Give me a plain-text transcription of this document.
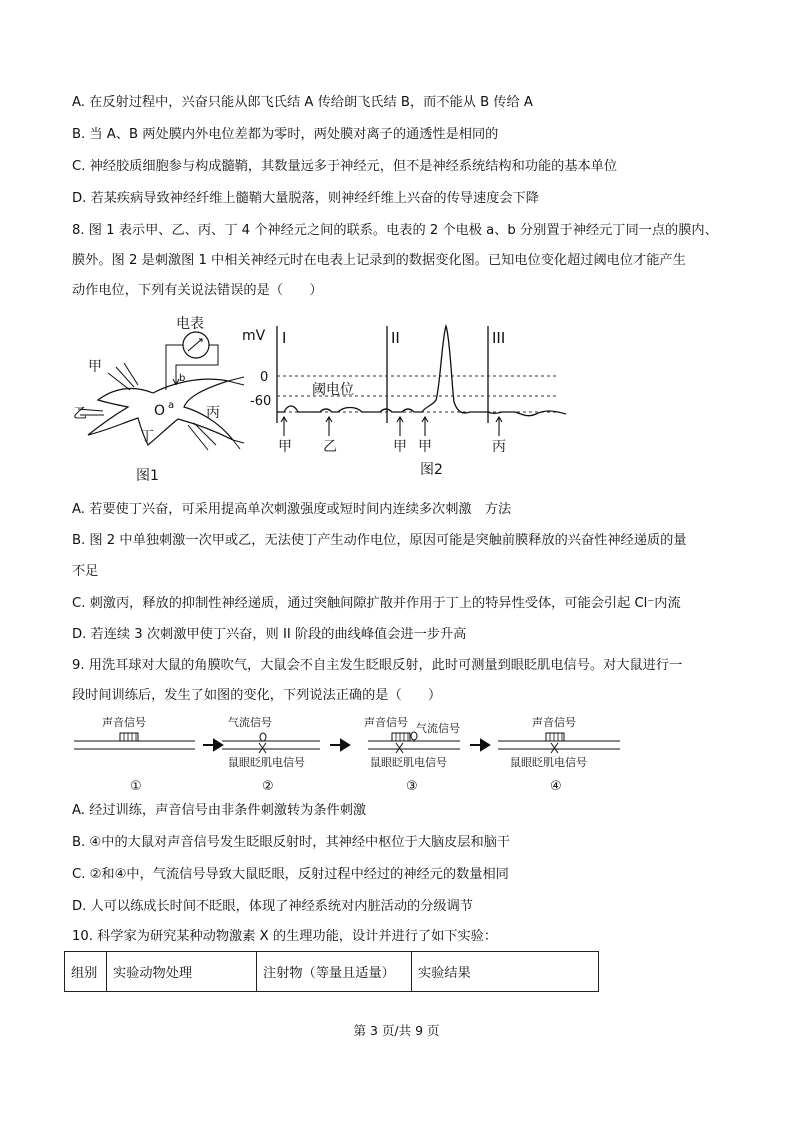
A. 在反射过程中，兴奋只能从郎飞氏结 A 传给朗飞氏结 B，而不能从 B 传给 A
B. 当 A、B 两处膜内外电位差都为零时，两处膜对离子的通透性是相同的
C. 神经胶质细胞参与构成髓鞘，其数量远多于神经元，但不是神经系统结构和功能的基本单位
D. 若某疾病导致神经纤维上髓鞘大量脱落，则神经纤维上兴奋的传导速度会下降
8. 图 1 表示甲、乙、丙、丁 4 个神经元之间的联系。电表的 2 个电极 a、b 分别置于神经元丁同一点的膜内、
膜外。图 2 是刺激图 1 中相关神经元时在电表上记录到的数据变化图。已知电位变化超过阈电位才能产生
动作电位，下列有关说法错误的是（　　）
电表
b
a
O
甲
乙	丙
丁
图1
mV I	II	III
0
-60
阈电位
甲 乙	甲 甲	丙
图2
A. 若要使丁兴奋，可采用提高单次刺激强度或短时间内连续多次刺激　方法
B. 图 2 中单独刺激一次甲或乙，无法使丁产生动作电位，原因可能是突触前膜释放的兴奋性神经递质的量
不足
C. 刺激丙，释放的抑制性神经递质，通过突触间隙扩散并作用于丁上的特异性受体，可能会引起 Cl⁻内流
D. 若连续 3 次刺激甲使丁兴奋，则 II 阶段的曲线峰值会进一步升高
9. 用洗耳球对大鼠的角膜吹气，大鼠会不自主发生眨眼反射，此时可测量到眼眨肌电信号。对大鼠进行一
段时间训练后，发生了如图的变化，下列说法正确的是（　　）
声音信号
①
气流信号
鼠眼眨肌电信号
②
声音信号 气流信号
鼠眼眨肌电信号
③
声音信号
鼠眼眨肌电信号
④
A. 经过训练，声音信号由非条件刺激转为条件刺激
B. ④中的大鼠对声音信号发生眨眼反射时，其神经中枢位于大脑皮层和脑干
C. ②和④中，气流信号导致大鼠眨眼，反射过程中经过的神经元的数量相同
D. 人可以练成长时间不眨眼，体现了神经系统对内脏活动的分级调节
10. 科学家为研究某种动物激素 X 的生理功能，设计并进行了如下实验：
组别	实验动物处理	注射物（等量且适量）	实验结果
第 3 页/共 9 页
